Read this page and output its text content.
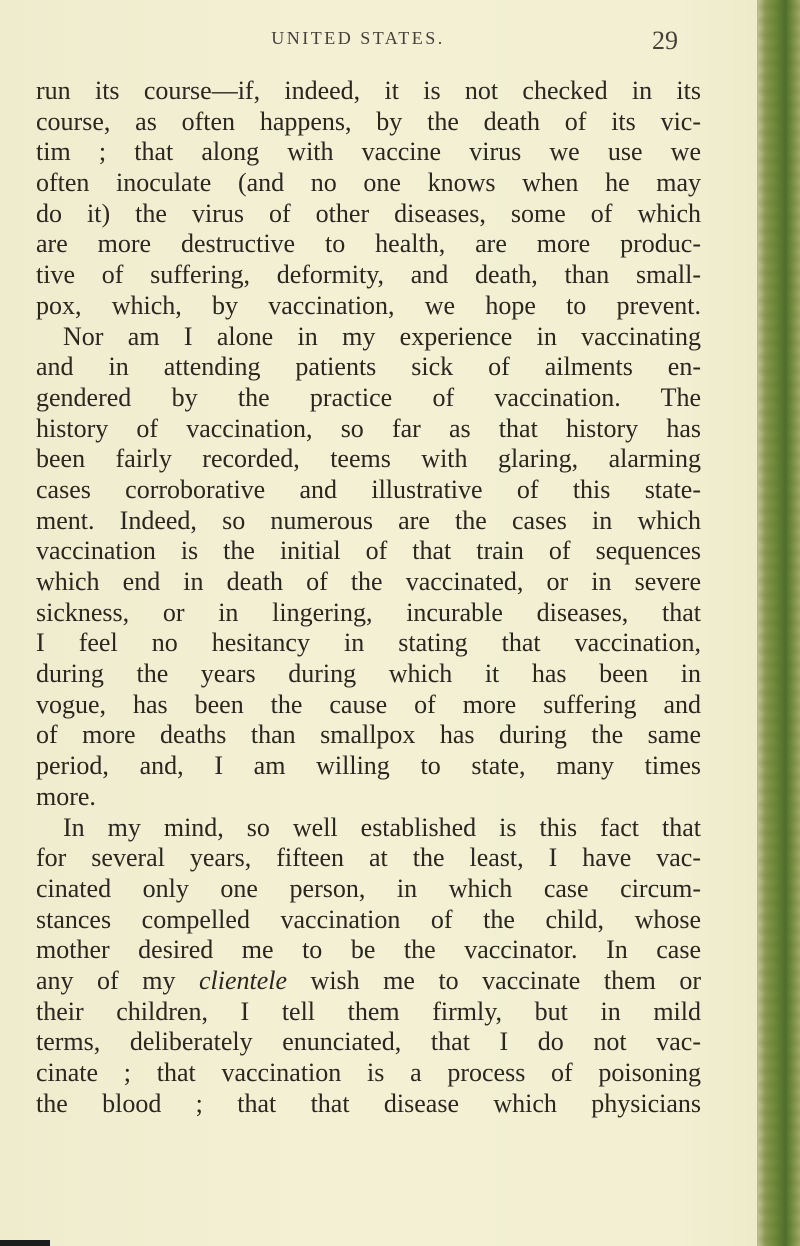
UNITED STATES.	29
run its course—if, indeed, it is not checked in its
course, as often happens, by the death of its vic-
tim ; that along with vaccine virus we use we
often inoculate (and no one knows when he may
do it) the virus of other diseases, some of which
are more destructive to health, are more produc-
tive of suffering, deformity, and death, than small-
pox, which, by vaccination, we hope to prevent.
Nor am I alone in my experience in vaccinating
and in attending patients sick of ailments en-
gendered by the practice of vaccination. The
history of vaccination, so far as that history has
been fairly recorded, teems with glaring, alarming
cases corroborative and illustrative of this state-
ment. Indeed, so numerous are the cases in which
vaccination is the initial of that train of sequences
which end in death of the vaccinated, or in severe
sickness, or in lingering, incurable diseases, that
I feel no hesitancy in stating that vaccination,
during the years during which it has been in
vogue, has been the cause of more suffering and
of more deaths than smallpox has during the same
period, and, I am willing to state, many times
more.
In my mind, so well established is this fact that
for several years, fifteen at the least, I have vac-
cinated only one person, in which case circum-
stances compelled vaccination of the child, whose
mother desired me to be the vaccinator. In case
any of my clientele wish me to vaccinate them or
their children, I tell them firmly, but in mild
terms, deliberately enunciated, that I do not vac-
cinate ; that vaccination is a process of poisoning
the blood ; that that disease which physicians
